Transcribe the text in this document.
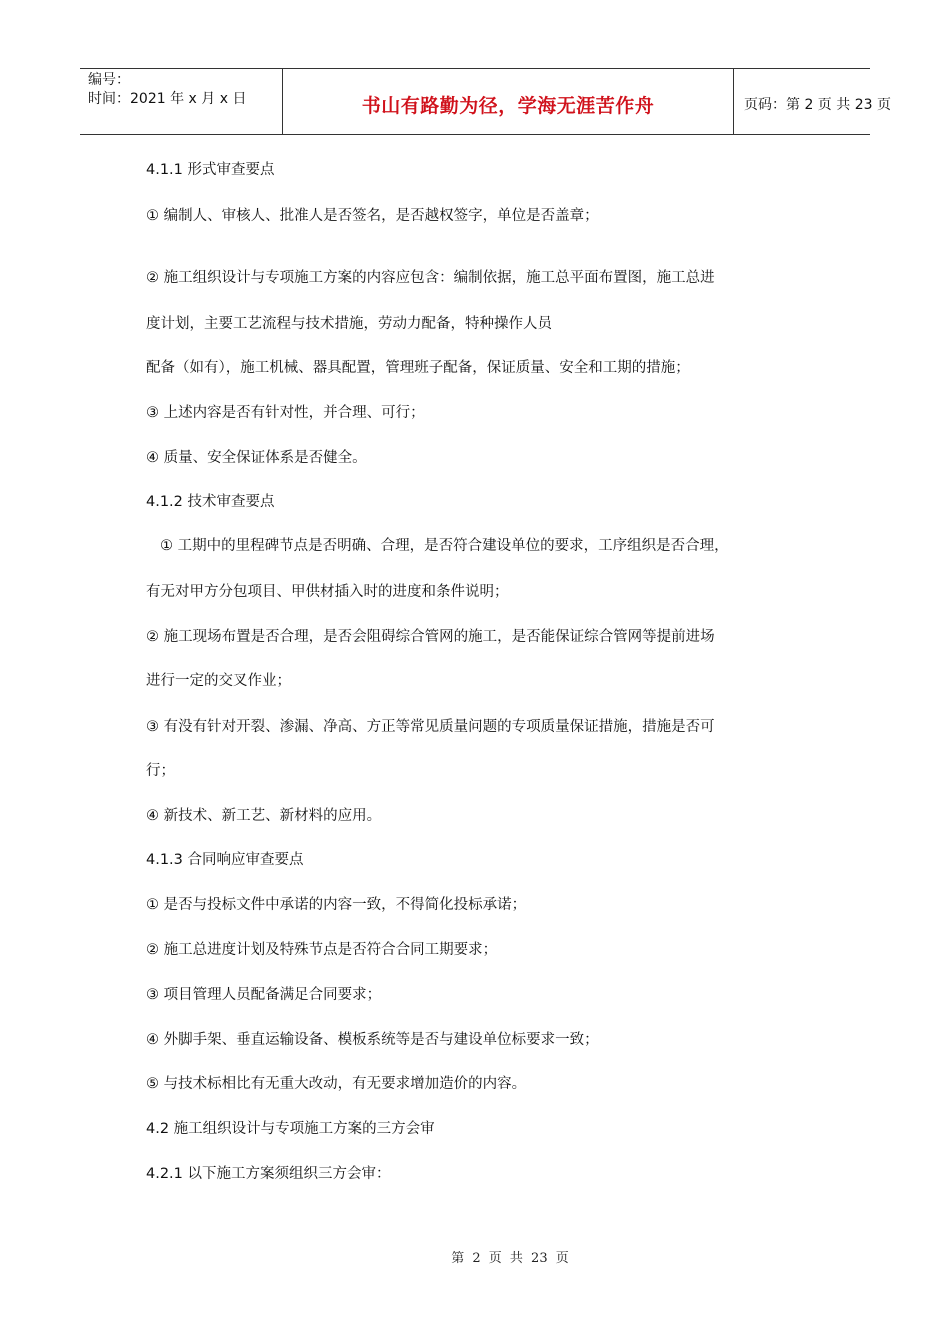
编号：
时间：2021 年 x 月 x 日	书山有路勤为径，学海无涯苦作舟	页码：第 2 页 共 23 页
4.1.1 形式审查要点
① 编制人、审核人、批准人是否签名，是否越权签字，单位是否盖章；
② 施工组织设计与专项施工方案的内容应包含：编制依据，施工总平面布置图，施工总进
度计划，主要工艺流程与技术措施，劳动力配备，特种操作人员
配备（如有），施工机械、器具配置，管理班子配备，保证质量、安全和工期的措施；
③ 上述内容是否有针对性，并合理、可行；
④ 质量、安全保证体系是否健全。
4.1.2 技术审查要点
① 工期中的里程碑节点是否明确、合理，是否符合建设单位的要求，工序组织是否合理，
有无对甲方分包项目、甲供材插入时的进度和条件说明；
② 施工现场布置是否合理，是否会阻碍综合管网的施工，是否能保证综合管网等提前进场
进行一定的交叉作业；
③ 有没有针对开裂、渗漏、净高、方正等常见质量问题的专项质量保证措施，措施是否可
行；
④ 新技术、新工艺、新材料的应用。
4.1.3 合同响应审查要点
① 是否与投标文件中承诺的内容一致，不得简化投标承诺；
② 施工总进度计划及特殊节点是否符合合同工期要求；
③ 项目管理人员配备满足合同要求；
④ 外脚手架、垂直运输设备、模板系统等是否与建设单位标要求一致；
⑤ 与技术标相比有无重大改动，有无要求增加造价的内容。
4.2 施工组织设计与专项施工方案的三方会审
4.2.1 以下施工方案须组织三方会审：
第 2 页 共 23 页
